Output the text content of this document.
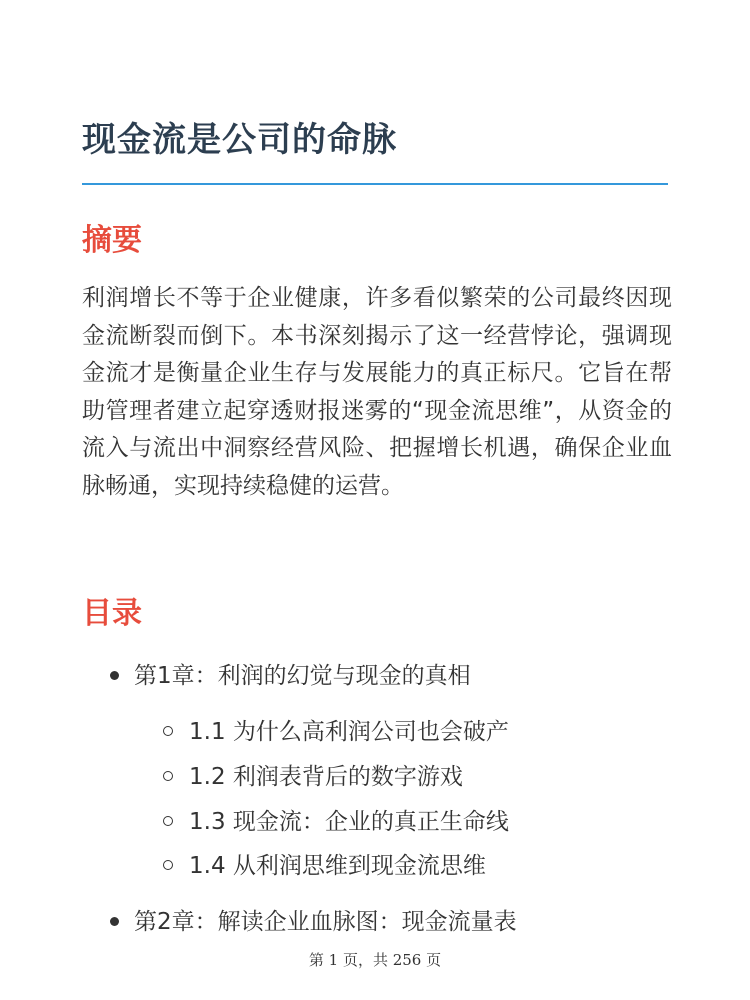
现金流是公司的命脉
摘要

利润增长不等于企业健康，许多看似繁荣的公司最终因现金流断裂而倒下。本书深刻揭示了这一经营悖论，强调现金流才是衡量企业生存与发展能力的真正标尺。它旨在帮助管理者建立起穿透财报迷雾的“现金流思维”，从资金的流入与流出中洞察经营风险、把握增长机遇，确保企业血脉畅通，实现持续稳健的运营。

目录
第1章：利润的幻觉与现金的真相
1.1 为什么高利润公司也会破产
1.2 利润表背后的数字游戏
1.3 现金流：企业的真正生命线
1.4 从利润思维到现金流思维
第2章：解读企业血脉图：现金流量表
第 1 页，共 256 页
